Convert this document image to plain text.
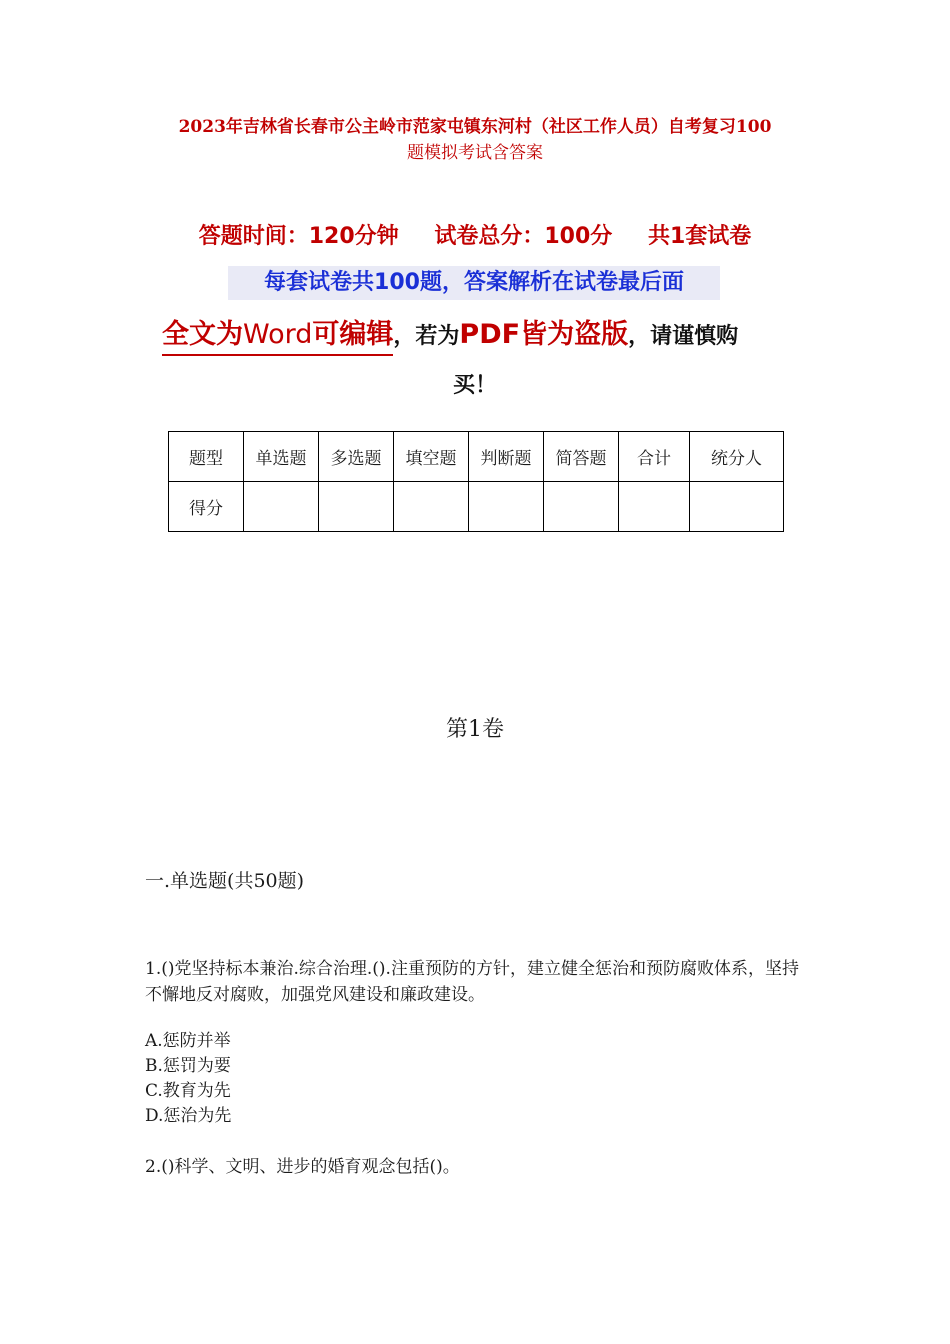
2023年吉林省长春市公主岭市范家屯镇东河村（社区工作人员）自考复习100
题模拟考试含答案
答题时间：120分钟 试卷总分：100分 共1套试卷
每套试卷共100题，答案解析在试卷最后面
全文为Word可编辑，若为PDF皆为盗版，请谨慎购
买！
题型	单选题	多选题	填空题	判断题	简答题	合计	统分人
得分							
第1卷
一.单选题(共50题)
1.()党坚持标本兼治.综合治理.().注重预防的方针，建立健全惩治和预防腐败体系，坚持不懈地反对腐败，加强党风建设和廉政建设。
A.惩防并举
B.惩罚为要
C.教育为先
D.惩治为先
2.()科学、文明、进步的婚育观念包括()。
